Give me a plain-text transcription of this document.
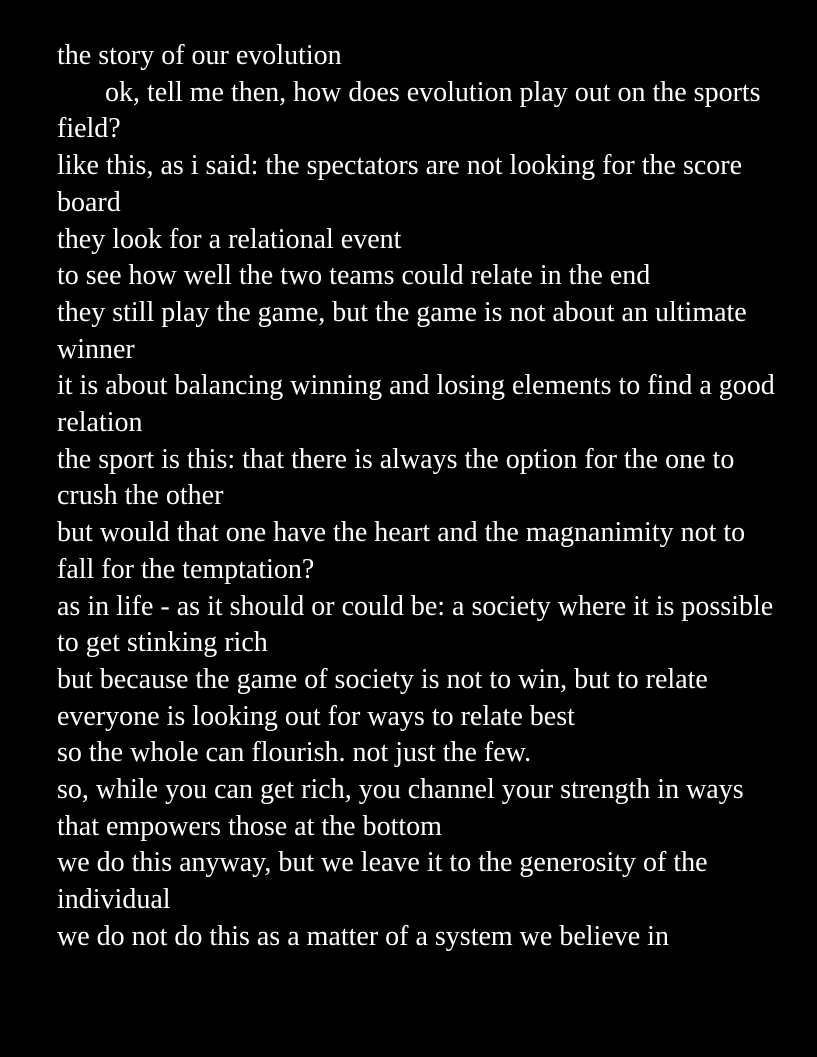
the story of our evolution

ok, tell me then, how does evolution play out on the sports field?

like this, as i said: the spectators are not looking for the score board

they look for a relational event

to see how well the two teams could relate in the end

they still play the game, but the game is not about an ultimate winner

it is about balancing winning and losing elements to find a good relation

the sport is this: that there is always the option for the one to crush the other

but would that one have the heart and the magnanimity not to fall for the temptation?

as in life - as it should or could be: a society where it is possible to get stinking rich

but because the game of society is not to win, but to relate

everyone is looking out for ways to relate best

so the whole can flourish. not just the few.

so, while you can get rich, you channel your strength in ways that empowers those at the bottom

we do this anyway, but we leave it to the generosity of the individual

we do not do this as a matter of a system we believe in
